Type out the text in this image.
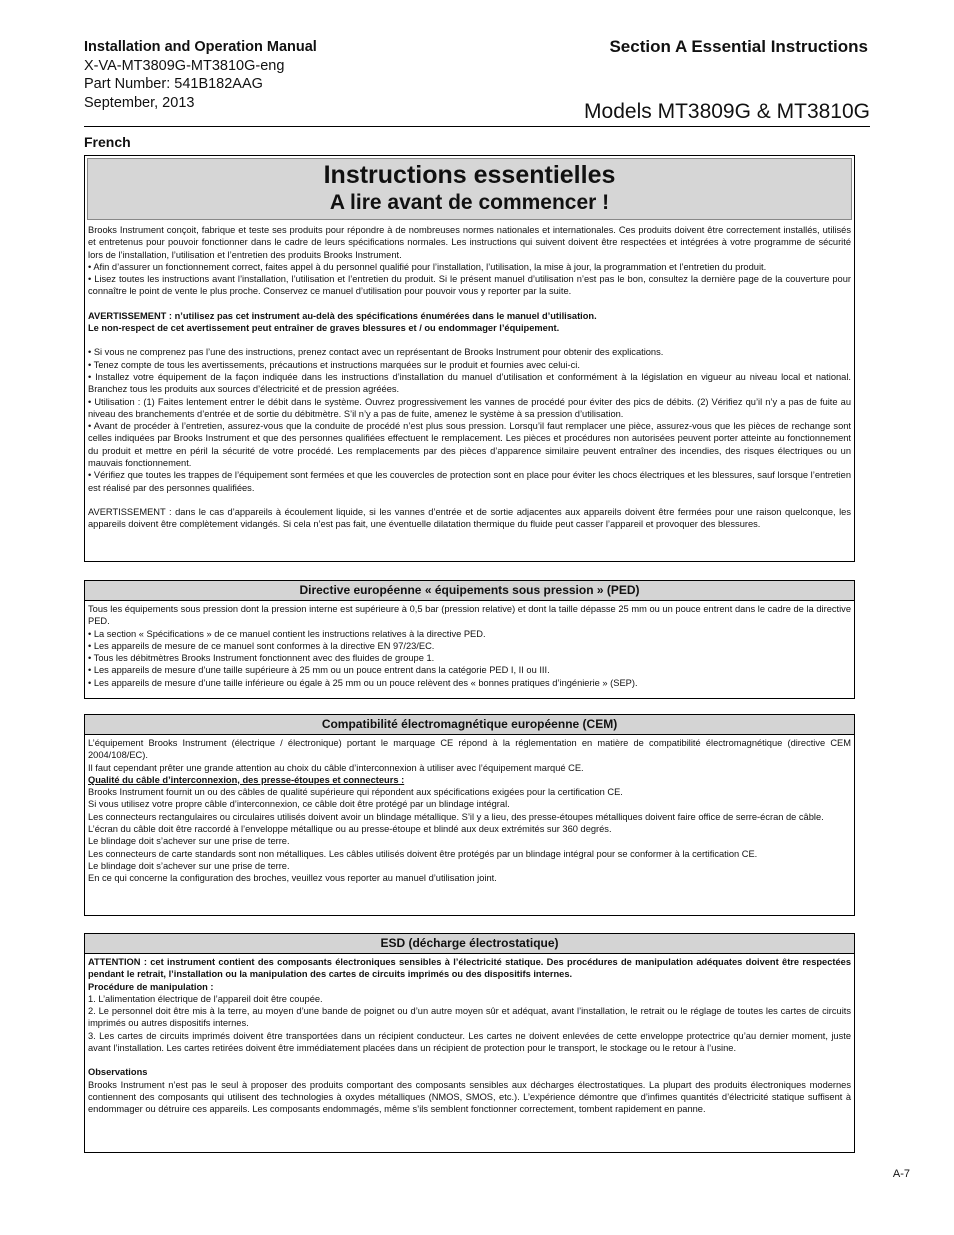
Installation and Operation Manual
X-VA-MT3809G-MT3810G-eng
Part Number: 541B182AAG
September, 2013
Section A Essential Instructions
Models MT3809G & MT3810G
French
Instructions essentielles
A lire avant de commencer !

Brooks Instrument conçoit, fabrique et teste ses produits pour répondre à de nombreuses normes nationales et internationales. Ces produits doivent être correctement installés, utilisés et entretenus pour pouvoir fonctionner dans le cadre de leurs spécifications normales. Les instructions qui suivent doivent être respectées et intégrées à votre programme de sécurité lors de l’installation, l’utilisation et l’entretien des produits Brooks Instrument.

• Afin d’assurer un fonctionnement correct, faites appel à du personnel qualifié pour l’installation, l’utilisation, la mise à jour, la programmation et l’entretien du produit.

• Lisez toutes les instructions avant l’installation, l’utilisation et l’entretien du produit. Si le présent manuel d’utilisation n’est pas le bon, consultez la dernière page de la couverture pour connaître le point de vente le plus proche. Conservez ce manuel d’utilisation pour pouvoir vous y reporter par la suite.

AVERTISSEMENT : n’utilisez pas cet instrument au-delà des spécifications énumérées dans le manuel d’utilisation.

Le non-respect de cet avertissement peut entraîner de graves blessures et / ou endommager l’équipement.

• Si vous ne comprenez pas l’une des instructions, prenez contact avec un représentant de Brooks Instrument pour obtenir des explications.

• Tenez compte de tous les avertissements, précautions et instructions marquées sur le produit et fournies avec celui-ci.

• Installez votre équipement de la façon indiquée dans les instructions d’installation du manuel d’utilisation et conformément à la législation en vigueur au niveau local et national. Branchez tous les produits aux sources d’électricité et de pression agréées.

• Utilisation : (1) Faites lentement entrer le débit dans le système. Ouvrez progressivement les vannes de procédé pour éviter des pics de débits. (2) Vérifiez qu’il n’y a pas de fuite au niveau des branchements d’entrée et de sortie du débitmètre. S’il n’y a pas de fuite, amenez le système à sa pression d’utilisation.

• Avant de procéder à l’entretien, assurez-vous que la conduite de procédé n’est plus sous pression. Lorsqu’il faut remplacer une pièce, assurez-vous que les pièces de rechange sont celles indiquées par Brooks Instrument et que des personnes qualifiées effectuent le remplacement. Les pièces et procédures non autorisées peuvent porter atteinte au fonctionnement du produit et mettre en péril la sécurité de votre procédé. Les remplacements par des pièces d’apparence similaire peuvent entraîner des incendies, des risques électriques ou un mauvais fonctionnement.

• Vérifiez que toutes les trappes de l’équipement sont fermées et que les couvercles de protection sont en place pour éviter les chocs électriques et les blessures, sauf lorsque l’entretien est réalisé par des personnes qualifiées.

AVERTISSEMENT : dans le cas d’appareils à écoulement liquide, si les vannes d’entrée et de sortie adjacentes aux appareils doivent être fermées pour une raison quelconque, les appareils doivent être complètement vidangés. Si cela n’est pas fait, une éventuelle dilatation thermique du fluide peut casser l’appareil et provoquer des blessures.

Directive européenne « équipements sous pression » (PED)

Tous les équipements sous pression dont la pression interne est supérieure à 0,5 bar (pression relative) et dont la taille dépasse 25 mm ou un pouce entrent dans le cadre de la directive PED.

• La section « Spécifications » de ce manuel contient les instructions relatives à la directive PED.

• Les appareils de mesure de ce manuel sont conformes à la directive EN 97/23/EC.

• Tous les débitmètres Brooks Instrument fonctionnent avec des fluides de groupe 1.

• Les appareils de mesure d’une taille supérieure à 25 mm ou un pouce entrent dans la catégorie PED I, II ou III.

• Les appareils de mesure d’une taille inférieure ou égale à 25 mm ou un pouce relèvent des « bonnes pratiques d’ingénierie » (SEP).

Compatibilité électromagnétique européenne (CEM)

L’équipement Brooks Instrument (électrique / électronique) portant le marquage CE répond à la réglementation en matière de compatibilité électromagnétique (directive CEM 2004/108/EC).

Il faut cependant prêter une grande attention au choix du câble d’interconnexion à utiliser avec l’équipement marqué CE.

Qualité du câble d’interconnexion, des presse-étoupes et connecteurs :

Brooks Instrument fournit un ou des câbles de qualité supérieure qui répondent aux spécifications exigées pour la certification CE.

Si vous utilisez votre propre câble d’interconnexion, ce câble doit être protégé par un blindage intégral.

Les connecteurs rectangulaires ou circulaires utilisés doivent avoir un blindage métallique. S’il y a lieu, des presse-étoupes métalliques doivent faire office de serre-écran de câble.

L’écran du câble doit être raccordé à l’enveloppe métallique ou au presse-étoupe et blindé aux deux extrémités sur 360 degrés.

Le blindage doit s’achever sur une prise de terre.

Les connecteurs de carte standards sont non métalliques. Les câbles utilisés doivent être protégés par un blindage intégral pour se conformer à la certification CE.

Le blindage doit s’achever sur une prise de terre.

En ce qui concerne la configuration des broches, veuillez vous reporter au manuel d’utilisation joint.

ESD (décharge électrostatique)

ATTENTION : cet instrument contient des composants électroniques sensibles à l’électricité statique. Des procédures de manipulation adéquates doivent être respectées pendant le retrait, l’installation ou la manipulation des cartes de circuits imprimés ou des dispositifs internes.

Procédure de manipulation :

1. L’alimentation électrique de l’appareil doit être coupée.

2. Le personnel doit être mis à la terre, au moyen d’une bande de poignet ou d’un autre moyen sûr et adéquat, avant l’installation, le retrait ou le réglage de toutes les cartes de circuits imprimés ou autres dispositifs internes.

3. Les cartes de circuits imprimés doivent être transportées dans un récipient conducteur. Les cartes ne doivent enlevées de cette enveloppe protectrice qu’au dernier moment, juste avant l’installation. Les cartes retirées doivent être immédiatement placées dans un récipient de protection pour le transport, le stockage ou le retour à l’usine.

Observations

Brooks Instrument n’est pas le seul à proposer des produits comportant des composants sensibles aux décharges électrostatiques. La plupart des produits électroniques modernes contiennent des composants qui utilisent des technologies à oxydes métalliques (NMOS, SMOS, etc.). L’expérience démontre que d’infimes quantités d’électricité statique suffisent à endommager ou détruire ces appareils. Les composants endommagés, même s’ils semblent fonctionner correctement, tombent rapidement en panne.

A-7
